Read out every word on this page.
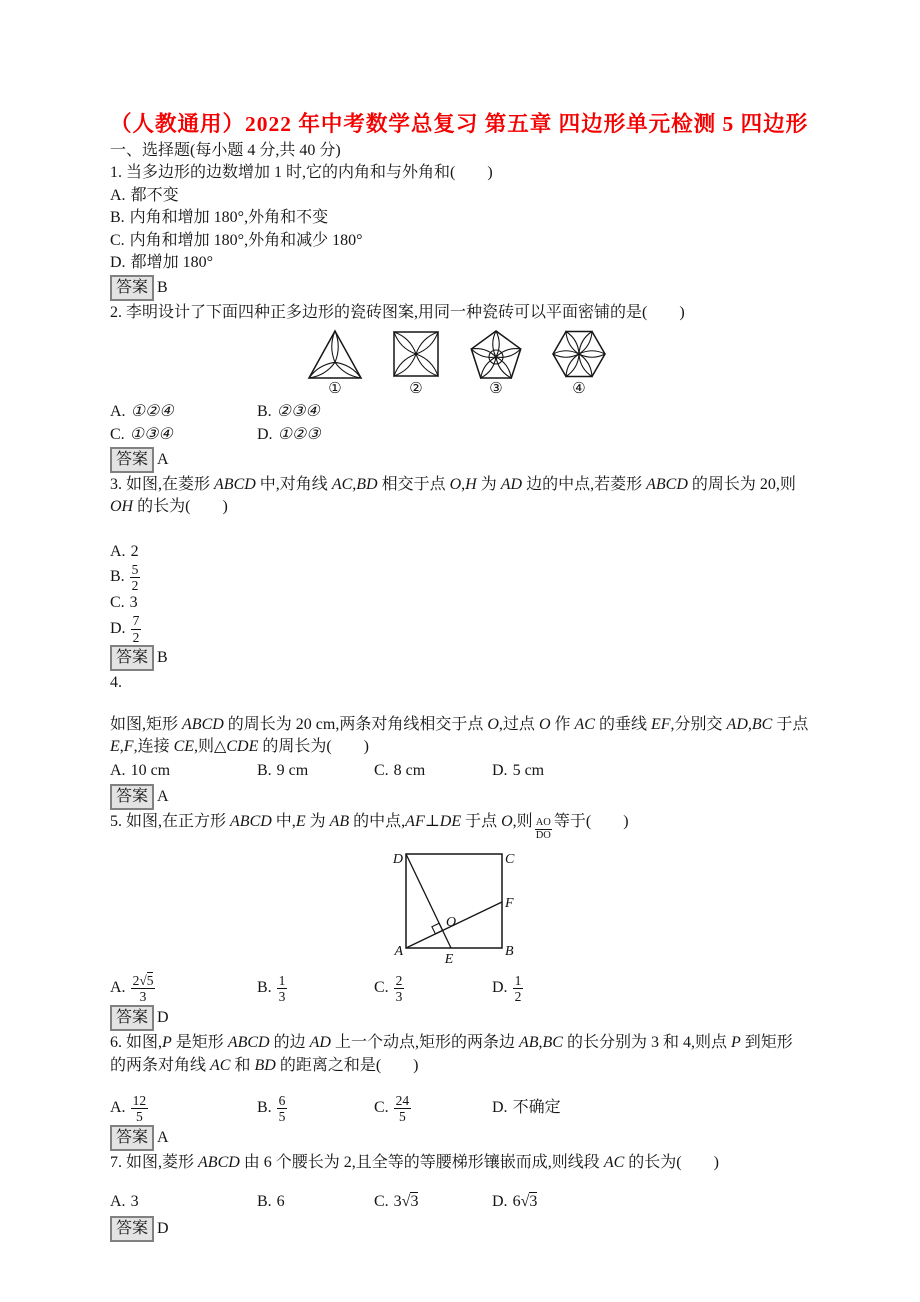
（人教通用）2022 年中考数学总复习 第五章 四边形单元检测 5 四边形
一、选择题(每小题 4 分,共 40 分)
1. 当多边形的边数增加 1 时,它的内角和与外角和(　　)
A. 都不变
B. 内角和增加 180°,外角和不变
C. 内角和增加 180°,外角和减少 180°
D. 都增加 180°
答案 B
2. 李明设计了下面四种正多边形的瓷砖图案,用同一种瓷砖可以平面密铺的是(　　)
①	②	③	④
A. ①②④	B. ②③④
C. ①③④	D. ①②③
答案 A
3. 如图,在菱形 ABCD 中,对角线 AC,BD 相交于点 O,H 为 AD 边的中点,若菱形 ABCD 的周长为 20,则
OH 的长为(　　)
A. 2
B. $\frac{5}{2}$
C. 3
D. $\frac{7}{2}$
答案 B
4.
如图,矩形 ABCD 的周长为 20 cm,两条对角线相交于点 O,过点 O 作 AC 的垂线 EF,分别交 AD,BC 于点
E,F,连接 CE,则△CDE 的周长为(　　)
A. 10 cm	B. 9 cm	C. 8 cm	D. 5 cm
答案 A
5. 如图,在正方形 ABCD 中,E 为 AB 的中点,AF⊥DE 于点 O,则 $\frac{AO}{DO}$ 等于(　　)
D	C
A	B
E
F
O
A. $\frac{2√5}{3}$	B. $\frac{1}{3}$	C. $\frac{2}{3}$	D. $\frac{1}{2}$
答案 D
6. 如图,P 是矩形 ABCD 的边 AD 上一个动点,矩形的两条边 AB,BC 的长分别为 3 和 4,则点 P 到矩形
的两条对角线 AC 和 BD 的距离之和是(　　)
A. $\frac{12}{5}$	B. $\frac{6}{5}$	C. $\frac{24}{5}$	D. 不确定
答案 A
7. 如图,菱形 ABCD 由 6 个腰长为 2,且全等的等腰梯形镶嵌而成,则线段 AC 的长为(　　)
A. 3	B. 6	C. 3√3	D. 6√3
答案 D
